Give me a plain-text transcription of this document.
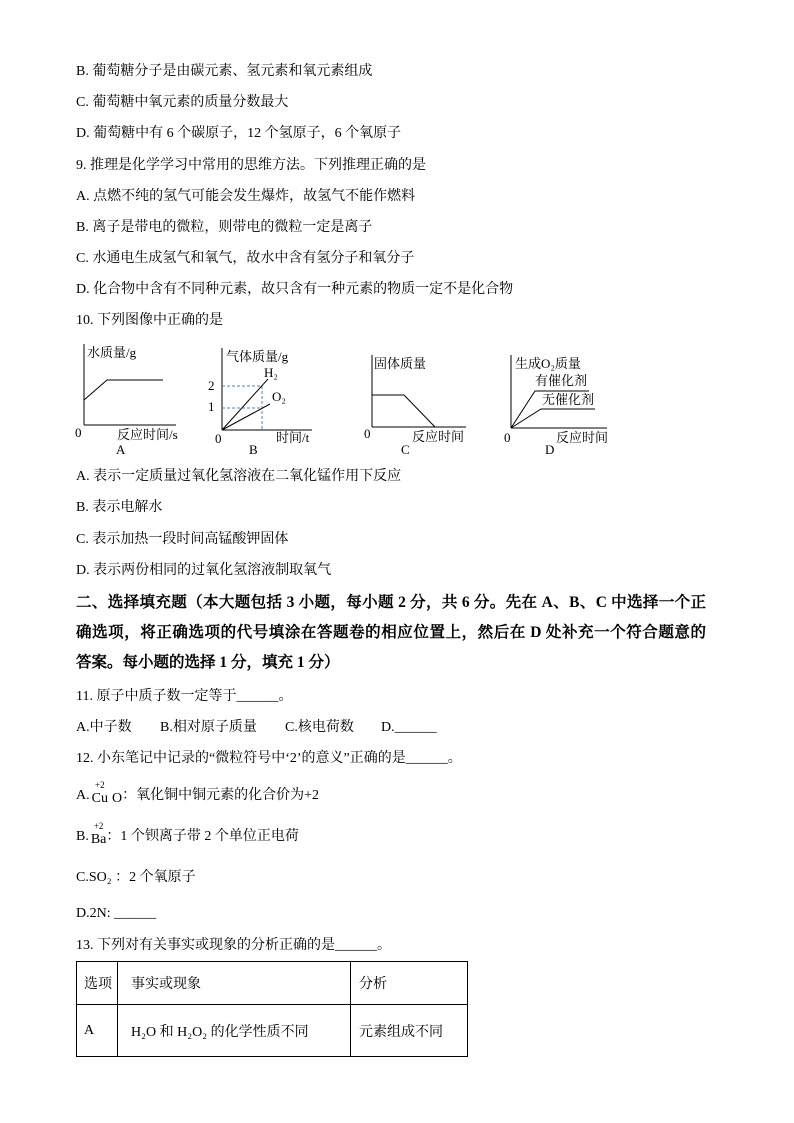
B. 葡萄糖分子是由碳元素、氢元素和氧元素组成
C. 葡萄糖中氧元素的质量分数最大
D. 葡萄糖中有 6 个碳原子，12 个氢原子，6 个氧原子
9. 推理是化学学习中常用的思维方法。下列推理正确的是
A. 点燃不纯的氢气可能会发生爆炸，故氢气不能作燃料
B. 离子是带电的微粒，则带电的微粒一定是离子
C. 水通电生成氢气和氧气，故水中含有氢分子和氧分子
D. 化合物中含有不同种元素，故只含有一种元素的物质一定不是化合物
10. 下列图像中正确的是
水质量/g
0	反应时间/s
A
气体质量/g
H₂
O₂
2
1
0	时间/t
B
固体质量
0	反应时间
C
生成O₂质量
有催化剂
无催化剂
0	反应时间
D
A. 表示一定质量过氧化氢溶液在二氧化锰作用下反应
B. 表示电解水
C. 表示加热一段时间高锰酸钾固体
D. 表示两份相同的过氧化氢溶液制取氧气
二、选择填充题（本大题包括 3 小题，每小题 2 分，共 6 分。先在 A、B、C 中选择一个正
确选项，将正确选项的代号填涂在答题卷的相应位置上，然后在 D 处补充一个符合题意的
答案。每小题的选择 1 分，填充 1 分）
11. 原子中质子数一定等于______。
A.中子数 B.相对原子质量 C.核电荷数 D.______
12. 小东笔记中记录的“微粒符号中‘2’的意义”正确的是______。
A.
+2
Cu O：氧化铜中铜元素的化合价为+2
B.
+2
Ba：1 个钡离子带 2 个单位正电荷
C.SO₂ ：2 个氧原子
D.2N: ______
13. 下列对有关事实或现象的分析正确的是______。
选项	事实或现象	分析
A	H₂O 和 H₂O₂ 的化学性质不同	元素组成不同
